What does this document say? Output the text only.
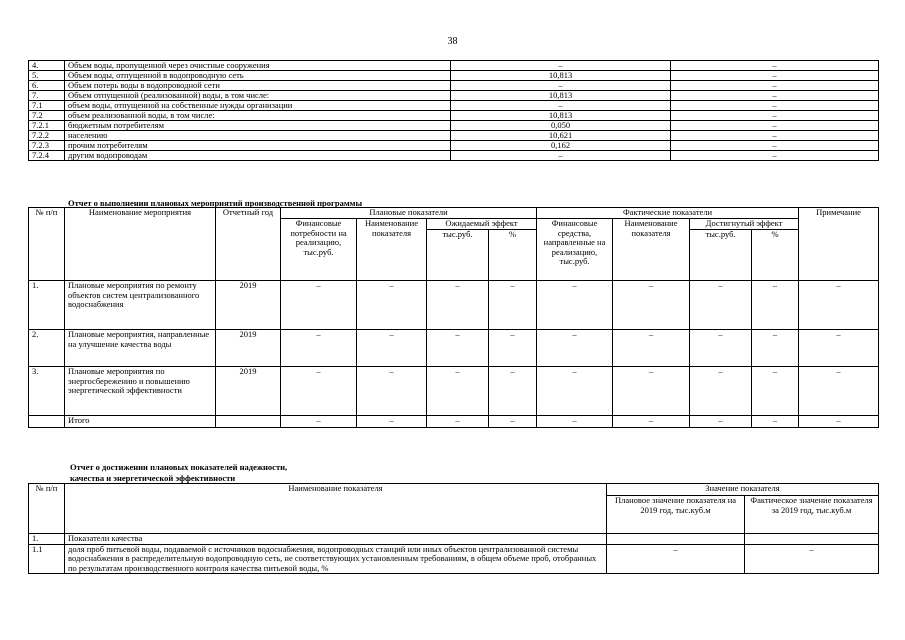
38
4.	Объем воды, пропущенной через очистные сооружения	–	–
5.	Объем воды, отпущенной в водопроводную сеть	10,813	–
6.	Объем потерь воды в водопроводной сети	–	–
7.	Объем отпущенной (реализованной) воды, в том числе:	10,813	–
7.1	объем воды, отпущенной на собственные нужды организации	–	–
7.2	объем реализованной воды, в том числе:	10,813	–
7.2.1	бюджетным потребителям	0,050	–
7.2.2	населению	10,621	–
7.2.3	прочим потребителям	0,162	–
7.2.4	другим водопроводам	–	–
Отчет о выполнении плановых мероприятий производственной программы
№ п/п	Наименование мероприятия	Отчетный год	Плановые показатели				Фактические показатели				Примечание
			Финансовые потребности на реализацию, тыс.руб.	Наименование показателя	Ожидаемый эффект		Финансовые средства, направленные на реализацию, тыс.руб.	Наименование показателя	Достигнутый эффект		
					тыс.руб.	%			тыс.руб.	%	
1.	Плановые мероприятия по ремонту объектов систем централизованного водоснабжения	2019	–	–	–	–	–	–	–	–	–
2.	Плановые мероприятия, направленные на улучшение качества воды	2019	–	–	–	–	–	–	–	–	–
3.	Плановые мероприятия по энергосбережению и повышению энергетической эффективности	2019	–	–	–	–	–	–	–	–	–
	Итого		–	–	–	–	–	–	–	–	–
Отчет о достижении плановых показателей надежности,
качества и энергетической эффективности
№ п/п	Наименование показателя	Значение показателя	
		Плановое значение показателя на 2019 год, тыс.куб.м	Фактическое значение показателя за 2019 год, тыс.куб.м
1.	Показатели качества		
1.1	доля проб питьевой воды, подаваемой с источников водоснабжения, водопроводных станций или иных объектов централизованной системы водоснабжения в распределительную водопроводную сеть, не соответствующих установленным требованиям, в общем объеме проб, отобранных по результатам производственного контроля качества питьевой воды, %	–	–
